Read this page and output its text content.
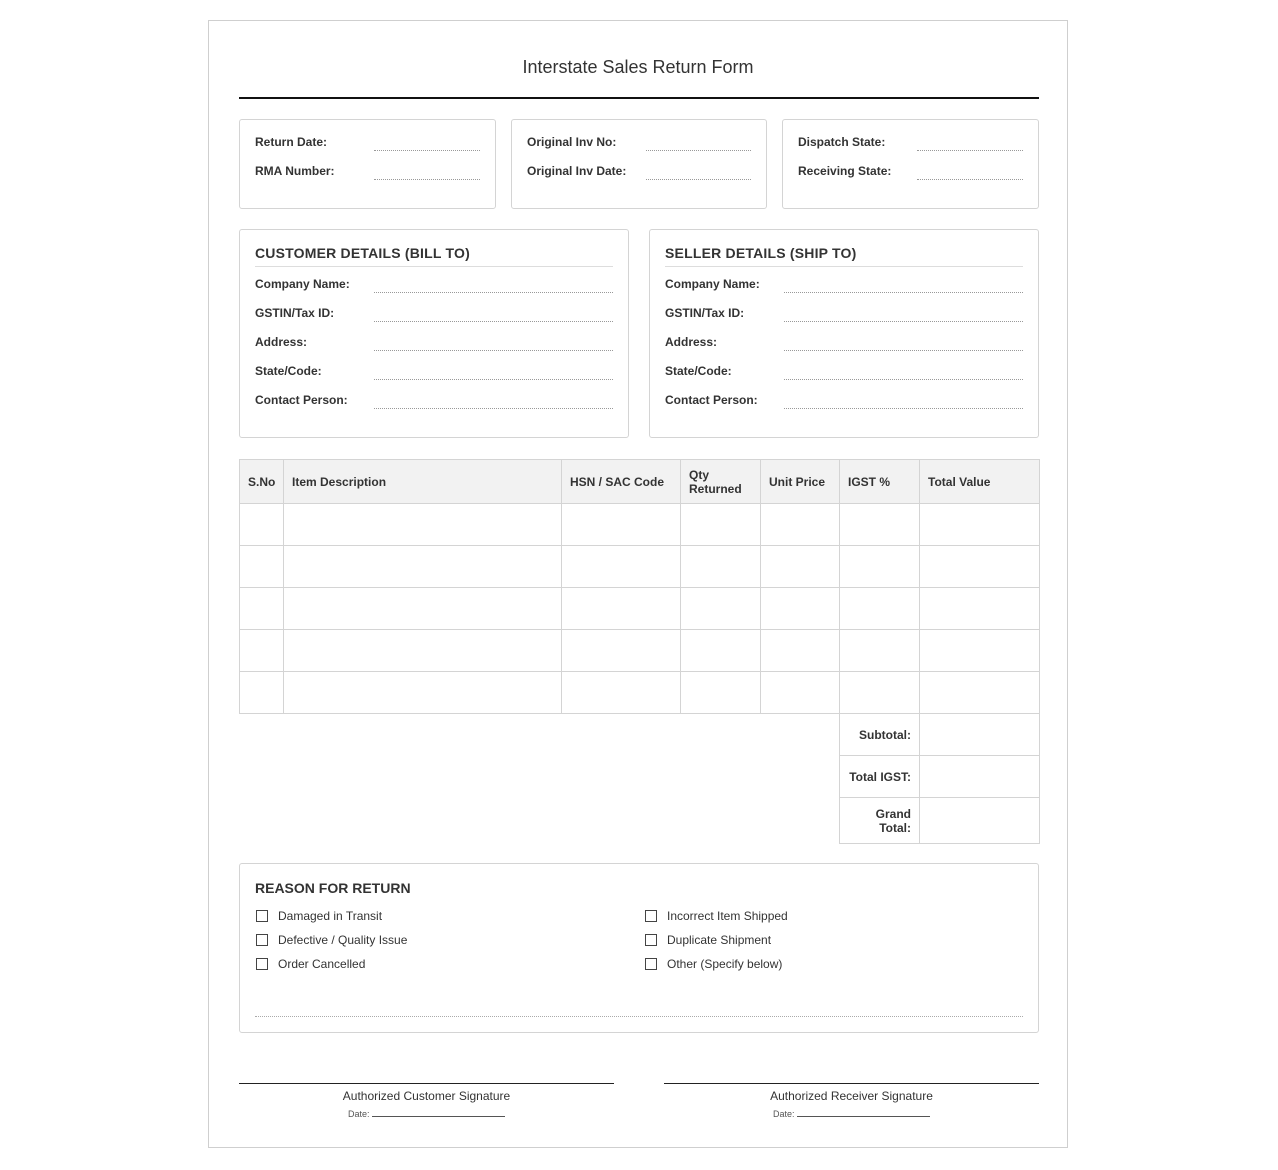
Interstate Sales Return Form
Return Date:
RMA Number:
Original Inv No:
Original Inv Date:
Dispatch State:
Receiving State:
CUSTOMER DETAILS (BILL TO)
Company Name:
GSTIN/Tax ID:
Address:
State/Code:
Contact Person:
SELLER DETAILS (SHIP TO)
Company Name:
GSTIN/Tax ID:
Address:
State/Code:
Contact Person:
S.No	Item Description	HSN / SAC Code	Qty Returned	Unit Price	IGST %	Total Value

					Subtotal:	
					Total IGST:	
					Grand Total:	
REASON FOR RETURN
Damaged in Transit
Defective / Quality Issue
Order Cancelled
Incorrect Item Shipped
Duplicate Shipment
Other (Specify below)
Authorized Customer Signature
Date:
Authorized Receiver Signature
Date:
